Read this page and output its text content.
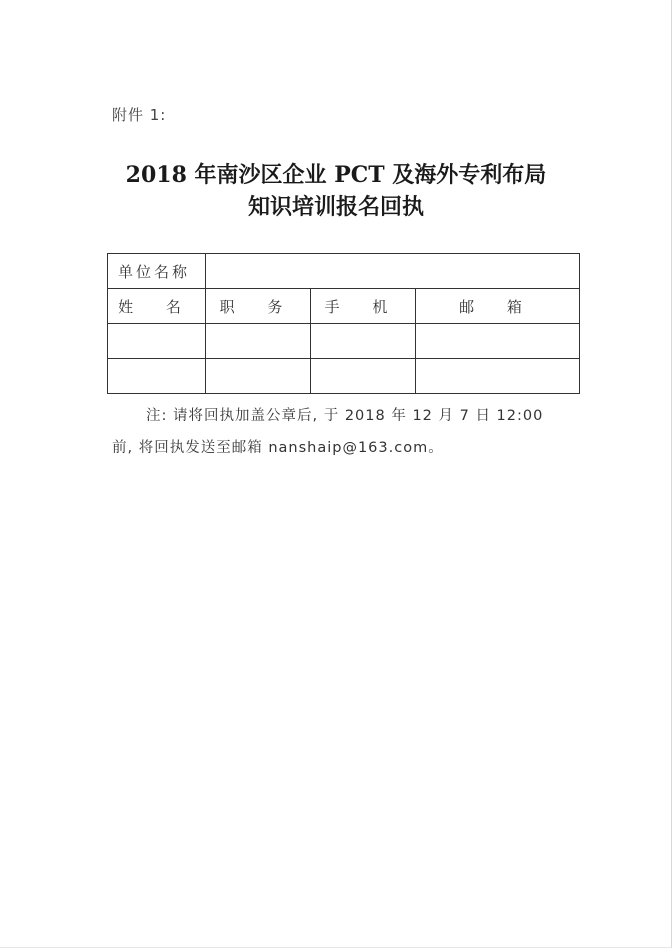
附件 1:
2018 年南沙区企业 PCT 及海外专利布局
知识培训报名回执
单位名称			
姓 名	职 务	手 机	邮 箱

注: 请将回执加盖公章后, 于 2018 年 12 月 7 日 12:00
前, 将回执发送至邮箱 nanshaip@163.com。
